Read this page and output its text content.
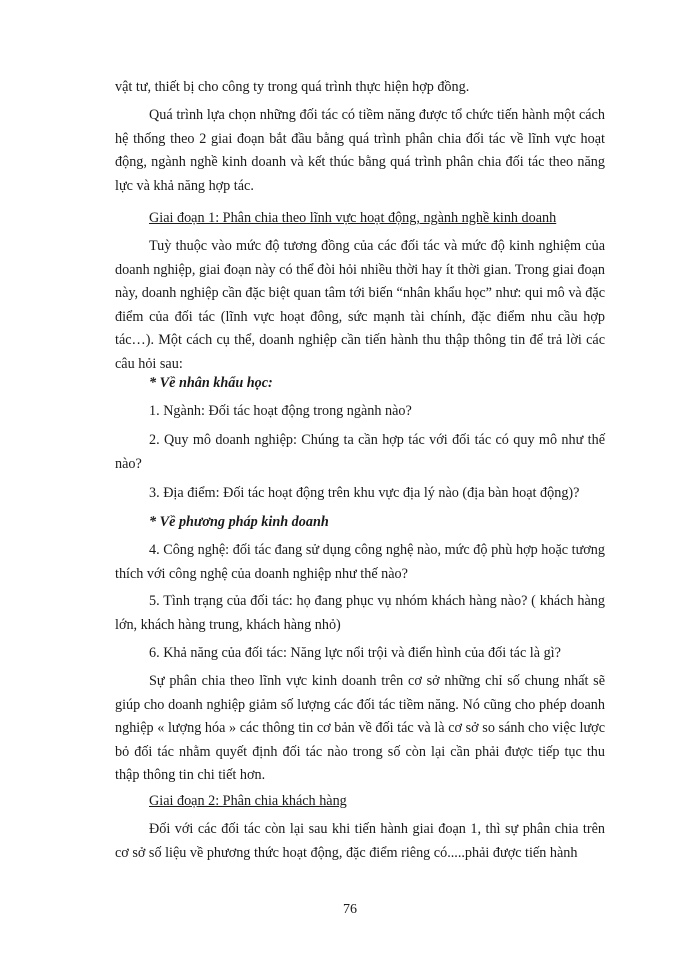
vật tư, thiết bị cho công ty trong quá trình thực hiện hợp đồng.

Quá trình lựa chọn những đối tác có tiềm năng được tổ chức tiến hành một cách hệ thống theo 2 giai đoạn bắt đầu bằng quá trình phân chia đối tác về lĩnh vực hoạt động, ngành nghề kinh doanh và kết thúc bằng quá trình phân chia đối tác theo năng lực và khả năng hợp tác.

Giai đoạn 1: Phân chia theo lĩnh vực hoạt động, ngành nghề kinh doanh

Tuỳ thuộc vào mức độ tương đồng của các đối tác và mức độ kinh nghiệm của doanh nghiệp, giai đoạn này có thể đòi hỏi nhiều thời hay ít thời gian. Trong giai đoạn này, doanh nghiệp cần đặc biệt quan tâm tới biến “nhân khẩu học” như: qui mô và đặc điểm của đối tác (lĩnh vực hoạt đông, sức mạnh tài chính, đặc điểm nhu cầu hợp tác…). Một cách cụ thể, doanh nghiệp cần tiến hành thu thập thông tin để trả lời các câu hỏi sau:

* Về nhân khẩu học:

1. Ngành: Đối tác hoạt động trong ngành nào?

2. Quy mô doanh nghiệp: Chúng ta cần hợp tác với đối tác có quy mô như thế nào?

3. Địa điểm: Đối tác hoạt động trên khu vực địa lý nào (địa bàn hoạt động)?

* Về phương pháp kinh doanh

4. Công nghệ: đối tác đang sử dụng công nghệ nào, mức độ phù hợp hoặc tương thích với công nghệ của doanh nghiệp như thế nào?

5. Tình trạng của đối tác: họ đang phục vụ nhóm khách hàng nào? ( khách hàng lớn, khách hàng trung, khách hàng nhỏ)

6. Khả năng của đối tác: Năng lực nổi trội và điển hình của đối tác là gì?

Sự phân chia theo lĩnh vực kinh doanh trên cơ sở những chỉ số chung nhất sẽ giúp cho doanh nghiệp giảm số lượng các đối tác tiềm năng. Nó cũng cho phép doanh nghiệp « lượng hóa » các thông tin cơ bản về đối tác và là cơ sở so sánh cho việc lược bỏ đối tác nhằm quyết định đối tác nào trong số còn lại cần phải được tiếp tục thu thập thông tin chi tiết hơn.

Giai đoạn 2: Phân chia khách hàng

Đối với các đối tác còn lại sau khi tiến hành giai đoạn 1, thì sự phân chia trên cơ sở số liệu về phương thức hoạt động, đặc điểm riêng có.....phải được tiến hành

76
